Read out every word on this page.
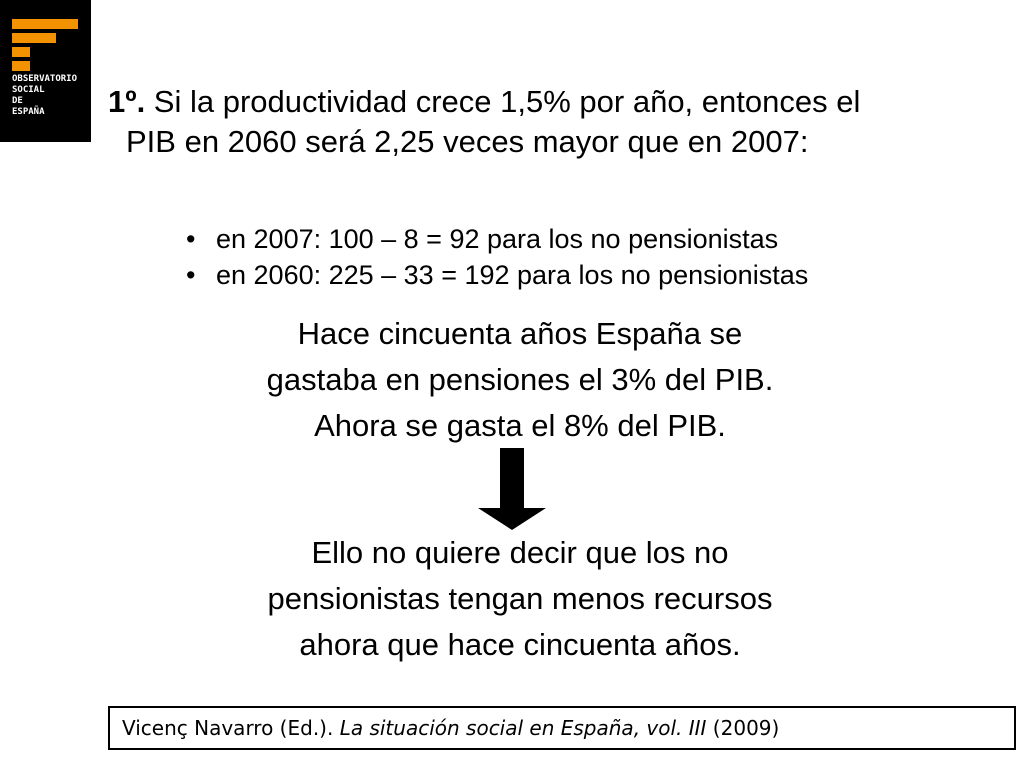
OBSERVATORIO
SOCIAL
DE
ESPAÑA	1º. Si la productividad crece 1,5% por año, entonces el
PIB en 2060 será 2,25 veces mayor que en 2007:
• en 2007: 100 – 8 = 92 para los no pensionistas
• en 2060: 225 – 33 = 192 para los no pensionistas
Hace cincuenta años España se
gastaba en pensiones el 3% del PIB.
Ahora se gasta el 8% del PIB.
Ello no quiere decir que los no
pensionistas tengan menos recursos
ahora que hace cincuenta años.
Vicenç Navarro (Ed.). La situación social en España, vol. III (2009)
